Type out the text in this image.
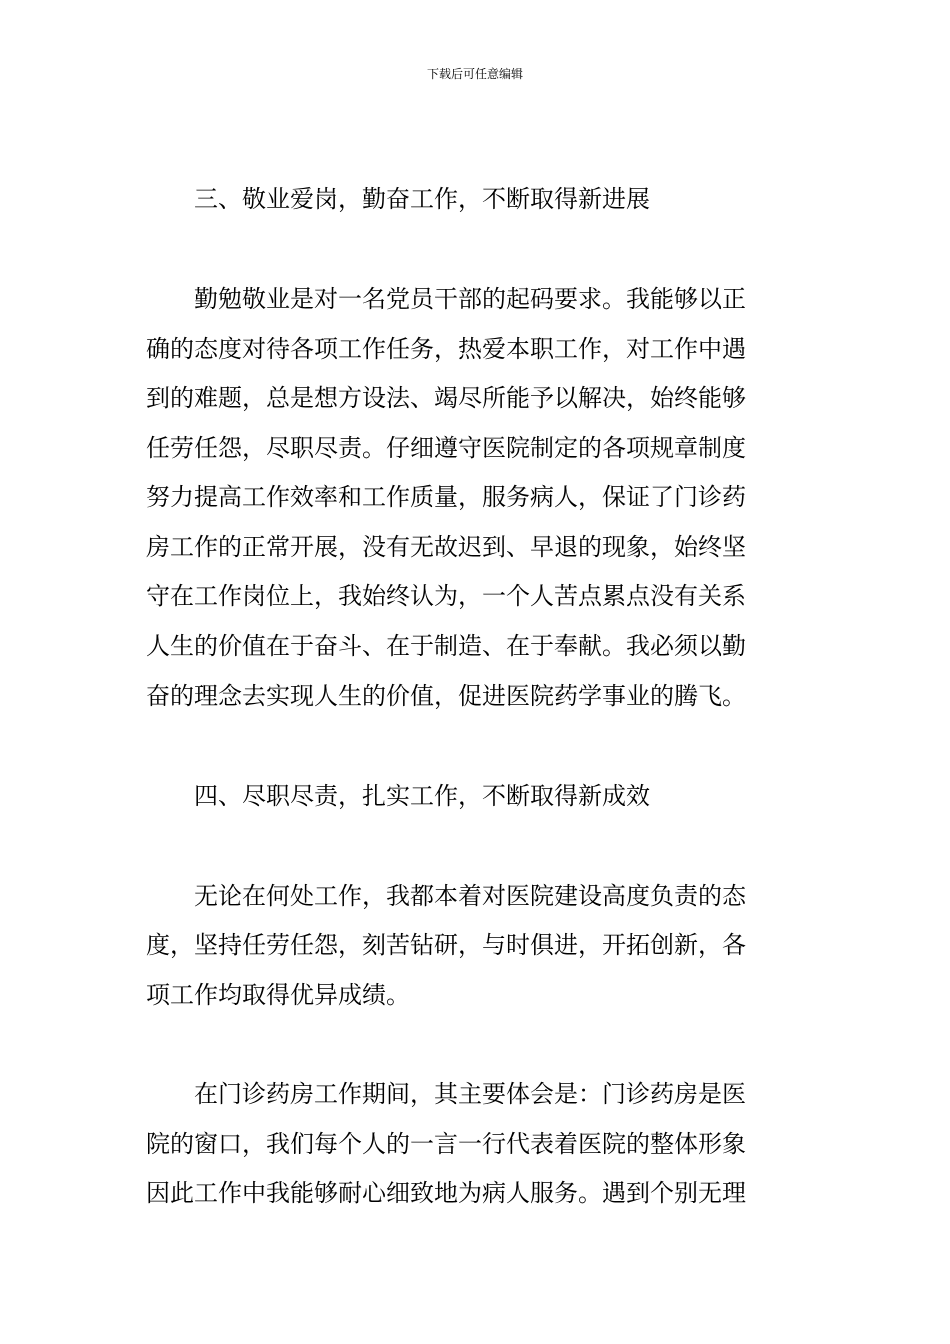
下载后可任意编辑
三、敬业爱岗，勤奋工作，不断取得新进展
勤勉敬业是对一名党员干部的起码要求。我能够以正
确的态度对待各项工作任务，热爱本职工作，对工作中遇
到的难题，总是想方设法、竭尽所能予以解决，始终能够
任劳任怨，尽职尽责。仔细遵守医院制定的各项规章制度
努力提高工作效率和工作质量，服务病人，保证了门诊药
房工作的正常开展，没有无故迟到、早退的现象，始终坚
守在工作岗位上，我始终认为，一个人苦点累点没有关系
人生的价值在于奋斗、在于制造、在于奉献。我必须以勤
奋的理念去实现人生的价值，促进医院药学事业的腾飞。
四、尽职尽责，扎实工作，不断取得新成效
无论在何处工作，我都本着对医院建设高度负责的态
度，坚持任劳任怨，刻苦钻研，与时俱进，开拓创新，各
项工作均取得优异成绩。
在门诊药房工作期间，其主要体会是：门诊药房是医
院的窗口，我们每个人的一言一行代表着医院的整体形象
因此工作中我能够耐心细致地为病人服务。遇到个别无理
